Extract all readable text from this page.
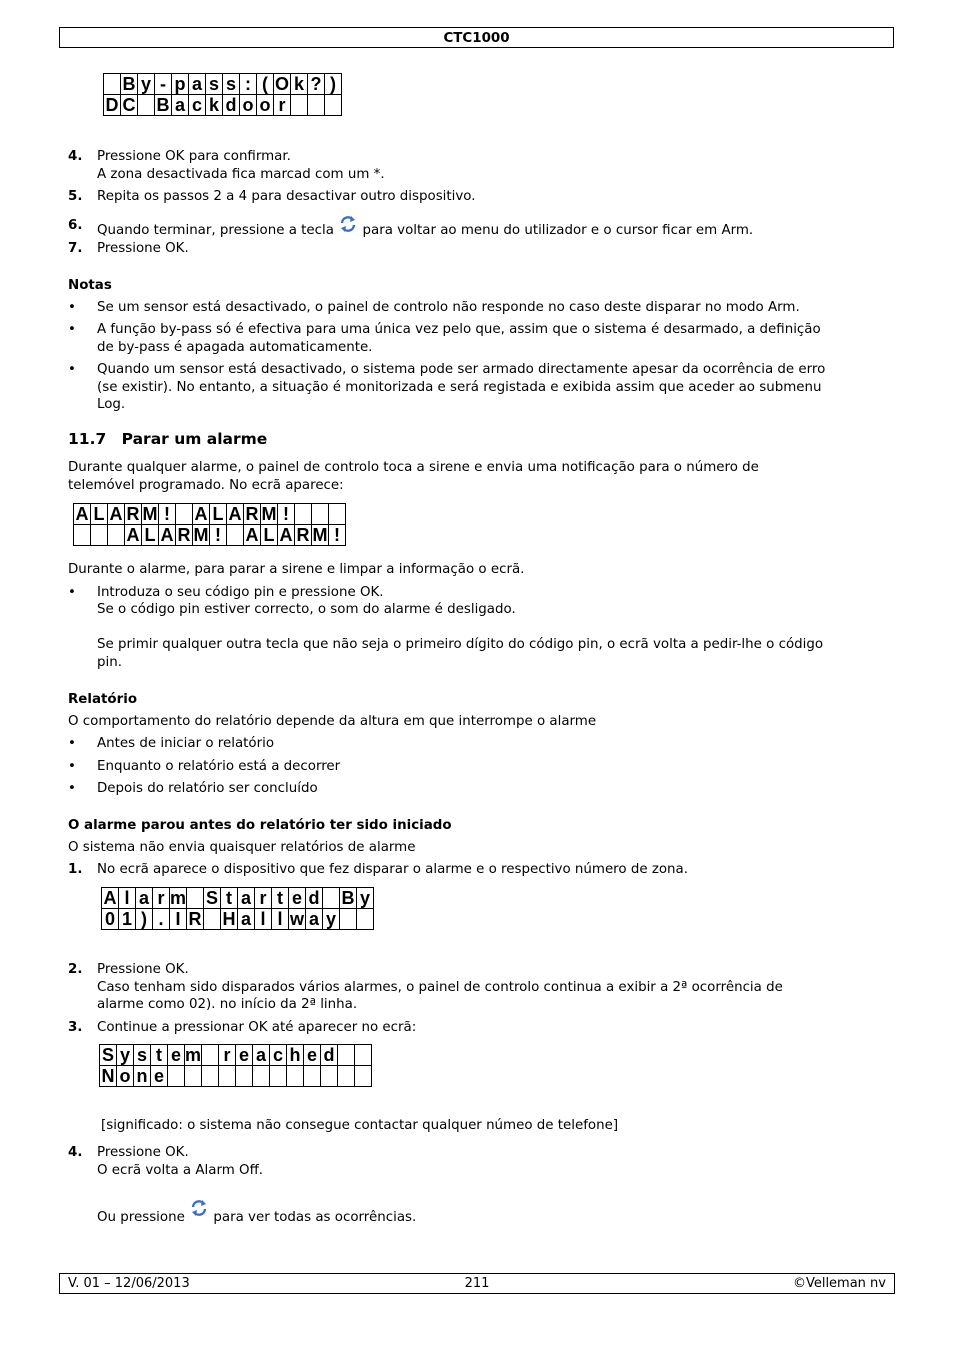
CTC1000
	B	y	-	p	a	s	s	:	(	O	k	?	)
D	C		B	a	c	k	d	o	o	r			
4. Pressione OK para confirmar.
A zona desactivada fica marcad com um *.
5. Repita os passos 2 a 4 para desactivar outro dispositivo.
6. Quando terminar, pressione a tecla para voltar ao menu do utilizador e o cursor ficar em Arm.
7. Pressione OK.
Notas
• Se um sensor está desactivado, o painel de controlo não responde no caso deste disparar no modo Arm.
• A função by-pass só é efectiva para uma única vez pelo que, assim que o sistema é desarmado, a definição
de by-pass é apagada automaticamente.
• Quando um sensor está desactivado, o sistema pode ser armado directamente apesar da ocorrência de erro
(se existir). No entanto, a situação é monitorizada e será registada e exibida assim que aceder ao submenu
Log.
11.7 Parar um alarme
Durante qualquer alarme, o painel de controlo toca a sirene e envia uma notificação para o número de
telemóvel programado. No ecrã aparece:
A	L	A	R	M	!		A	L	A	R	M	!			
			A	L	A	R	M	!		A	L	A	R	M	!
Durante o alarme, para parar a sirene e limpar a informação o ecrã.
• Introduza o seu código pin e pressione OK.
Se o código pin estiver correcto, o som do alarme é desligado.
Se primir qualquer outra tecla que não seja o primeiro dígito do código pin, o ecrã volta a pedir-lhe o código
pin.
Relatório
O comportamento do relatório depende da altura em que interrompe o alarme
• Antes de iniciar o relatório
• Enquanto o relatório está a decorrer
• Depois do relatório ser concluído
O alarme parou antes do relatório ter sido iniciado
O sistema não envia quaisquer relatórios de alarme
1. No ecrã aparece o dispositivo que fez disparar o alarme e o respectivo número de zona.
A	l	a	r	m		S	t	a	r	t	e	d		B	y
0	1	)	.	I	R		H	a	l	l	w	a	y		
2. Pressione OK.
Caso tenham sido disparados vários alarmes, o painel de controlo continua a exibir a 2ª ocorrência de
alarme como 02). no início da 2ª linha.
3. Continue a pressionar OK até aparecer no ecrã:
S	y	s	t	e	m		r	e	a	c	h	e	d		
N	o	n	e												
[significado: o sistema não consegue contactar qualquer númeo de telefone]
4. Pressione OK.
O ecrã volta a Alarm Off.
Ou pressione para ver todas as ocorrências.
V. 01 – 12/06/2013	211	©Velleman nv
